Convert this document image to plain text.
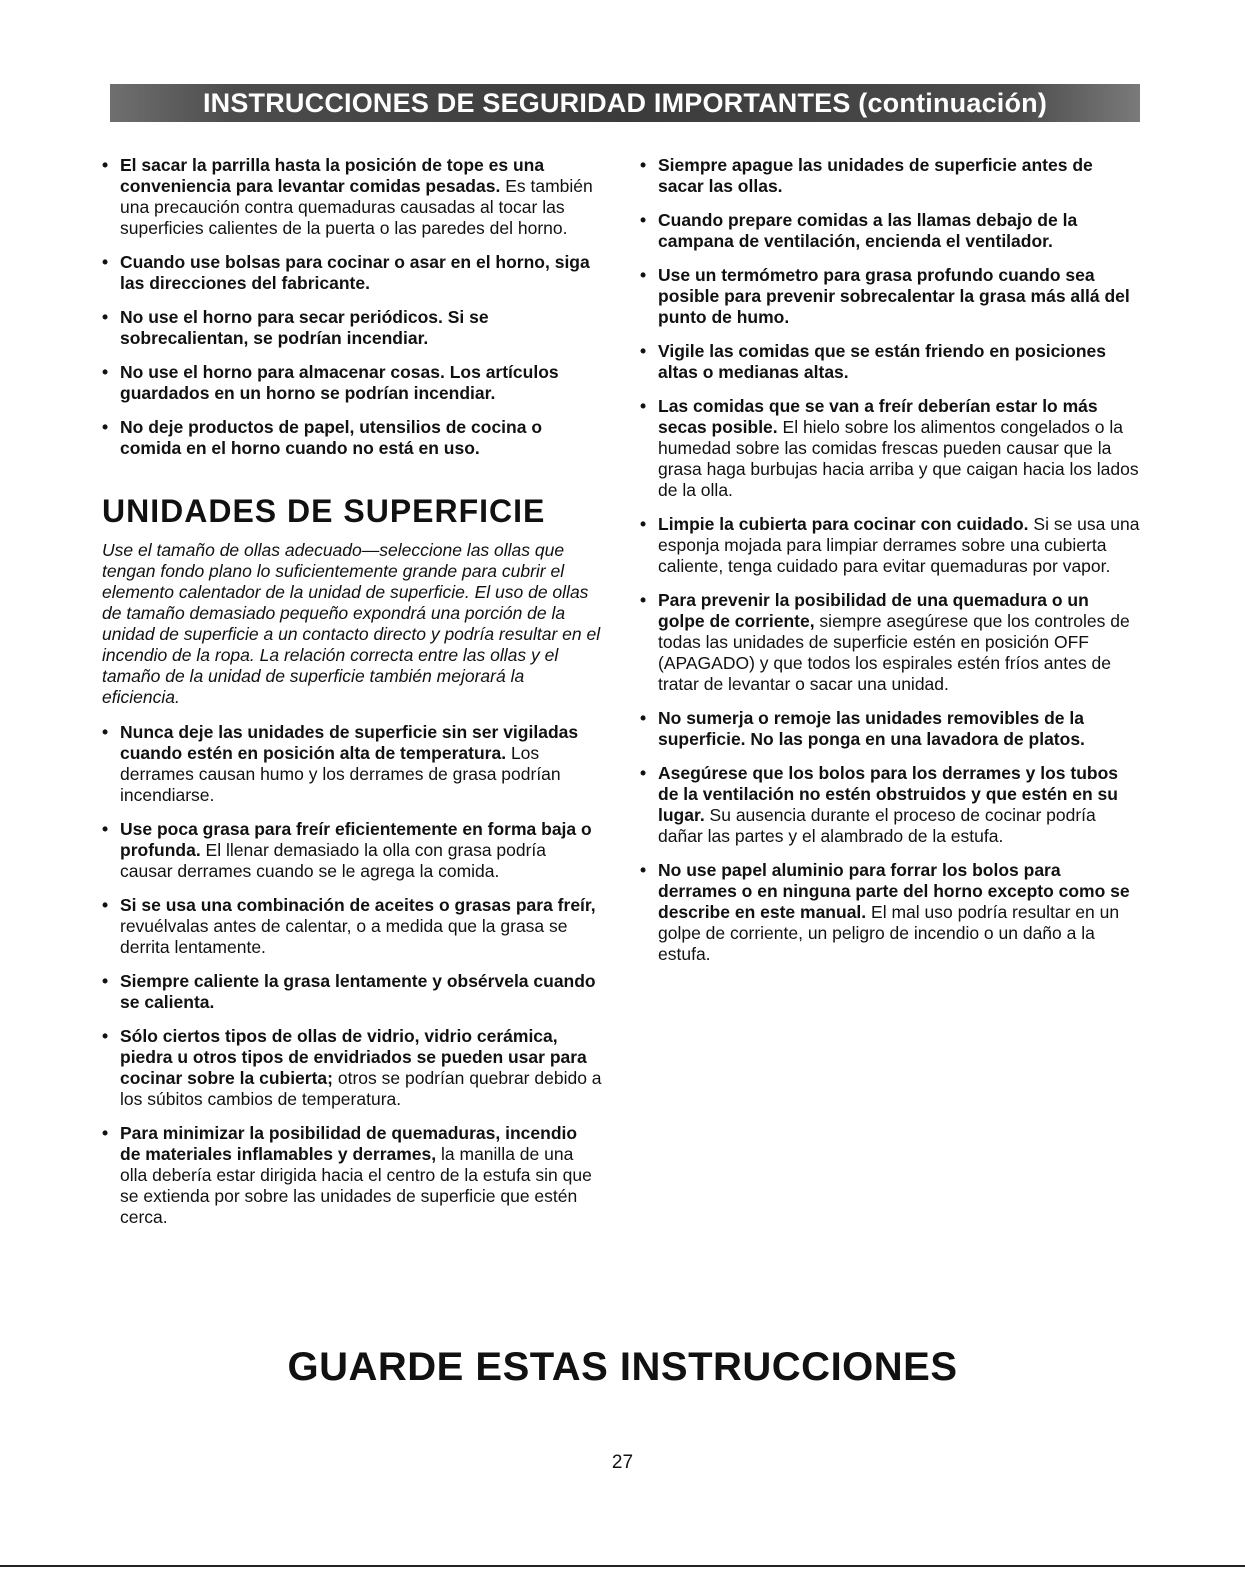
INSTRUCCIONES DE SEGURIDAD IMPORTANTES (continuación)
• El sacar la parrilla hasta la posición de tope es una conveniencia para levantar comidas pesadas. Es también una precaución contra quemaduras causadas al tocar las superficies calientes de la puerta o las paredes del horno.
• Cuando use bolsas para cocinar o asar en el horno, siga las direcciones del fabricante.
• No use el horno para secar periódicos. Si se sobrecalientan, se podrían incendiar.
• No use el horno para almacenar cosas. Los artículos guardados en un horno se podrían incendiar.
• No deje productos de papel, utensilios de cocina o comida en el horno cuando no está en uso.
UNIDADES DE SUPERFICIE

Use el tamaño de ollas adecuado—seleccione las ollas que tengan fondo plano lo suficientemente grande para cubrir el elemento calentador de la unidad de superficie. El uso de ollas de tamaño demasiado pequeño expondrá una porción de la unidad de superficie a un contacto directo y podría resultar en el incendio de la ropa. La relación correcta entre las ollas y el tamaño de la unidad de superficie también mejorará la eficiencia.

• Nunca deje las unidades de superficie sin ser vigiladas cuando estén en posición alta de temperatura. Los derrames causan humo y los derrames de grasa podrían incendiarse.
• Use poca grasa para freír eficientemente en forma baja o profunda. El llenar demasiado la olla con grasa podría causar derrames cuando se le agrega la comida.
• Si se usa una combinación de aceites o grasas para freír, revuélvalas antes de calentar, o a medida que la grasa se derrita lentamente.
• Siempre caliente la grasa lentamente y obsérvela cuando se calienta.
• Sólo ciertos tipos de ollas de vidrio, vidrio cerámica, piedra u otros tipos de envidriados se pueden usar para cocinar sobre la cubierta; otros se podrían quebrar debido a los súbitos cambios de temperatura.
• Para minimizar la posibilidad de quemaduras, incendio de materiales inflamables y derrames, la manilla de una olla debería estar dirigida hacia el centro de la estufa sin que se extienda por sobre las unidades de superficie que estén cerca.
• Siempre apague las unidades de superficie antes de sacar las ollas.
• Cuando prepare comidas a las llamas debajo de la campana de ventilación, encienda el ventilador.
• Use un termómetro para grasa profundo cuando sea posible para prevenir sobrecalentar la grasa más allá del punto de humo.
• Vigile las comidas que se están friendo en posiciones altas o medianas altas.
• Las comidas que se van a freír deberían estar lo más secas posible. El hielo sobre los alimentos congelados o la humedad sobre las comidas frescas pueden causar que la grasa haga burbujas hacia arriba y que caigan hacia los lados de la olla.
• Limpie la cubierta para cocinar con cuidado. Si se usa una esponja mojada para limpiar derrames sobre una cubierta caliente, tenga cuidado para evitar quemaduras por vapor.
• Para prevenir la posibilidad de una quemadura o un golpe de corriente, siempre asegúrese que los controles de todas las unidades de superficie estén en posición OFF (APAGADO) y que todos los espirales estén fríos antes de tratar de levantar o sacar una unidad.
• No sumerja o remoje las unidades removibles de la superficie. No las ponga en una lavadora de platos.
• Asegúrese que los bolos para los derrames y los tubos de la ventilación no estén obstruidos y que estén en su lugar. Su ausencia durante el proceso de cocinar podría dañar las partes y el alambrado de la estufa.
• No use papel aluminio para forrar los bolos para derrames o en ninguna parte del horno excepto como se describe en este manual. El mal uso podría resultar en un golpe de corriente, un peligro de incendio o un daño a la estufa.
GUARDE ESTAS INSTRUCCIONES
27
